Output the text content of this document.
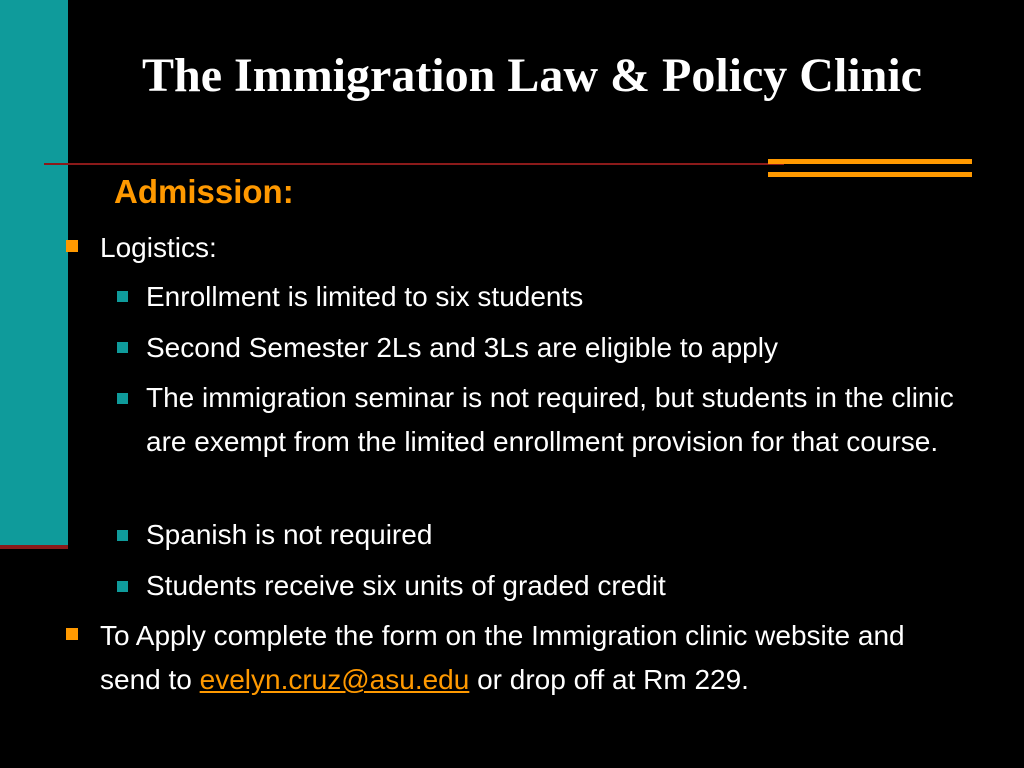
The Immigration Law & Policy Clinic
Admission:
Logistics:
Enrollment is limited to six students
Second Semester 2Ls and 3Ls are eligible to apply
The immigration seminar is not required, but students in the clinic are exempt from the limited enrollment provision for that course.
Spanish is not required
Students receive six units of graded credit
To Apply complete the form on the Immigration clinic website and send to evelyn.cruz@asu.edu or drop off at Rm 229.
